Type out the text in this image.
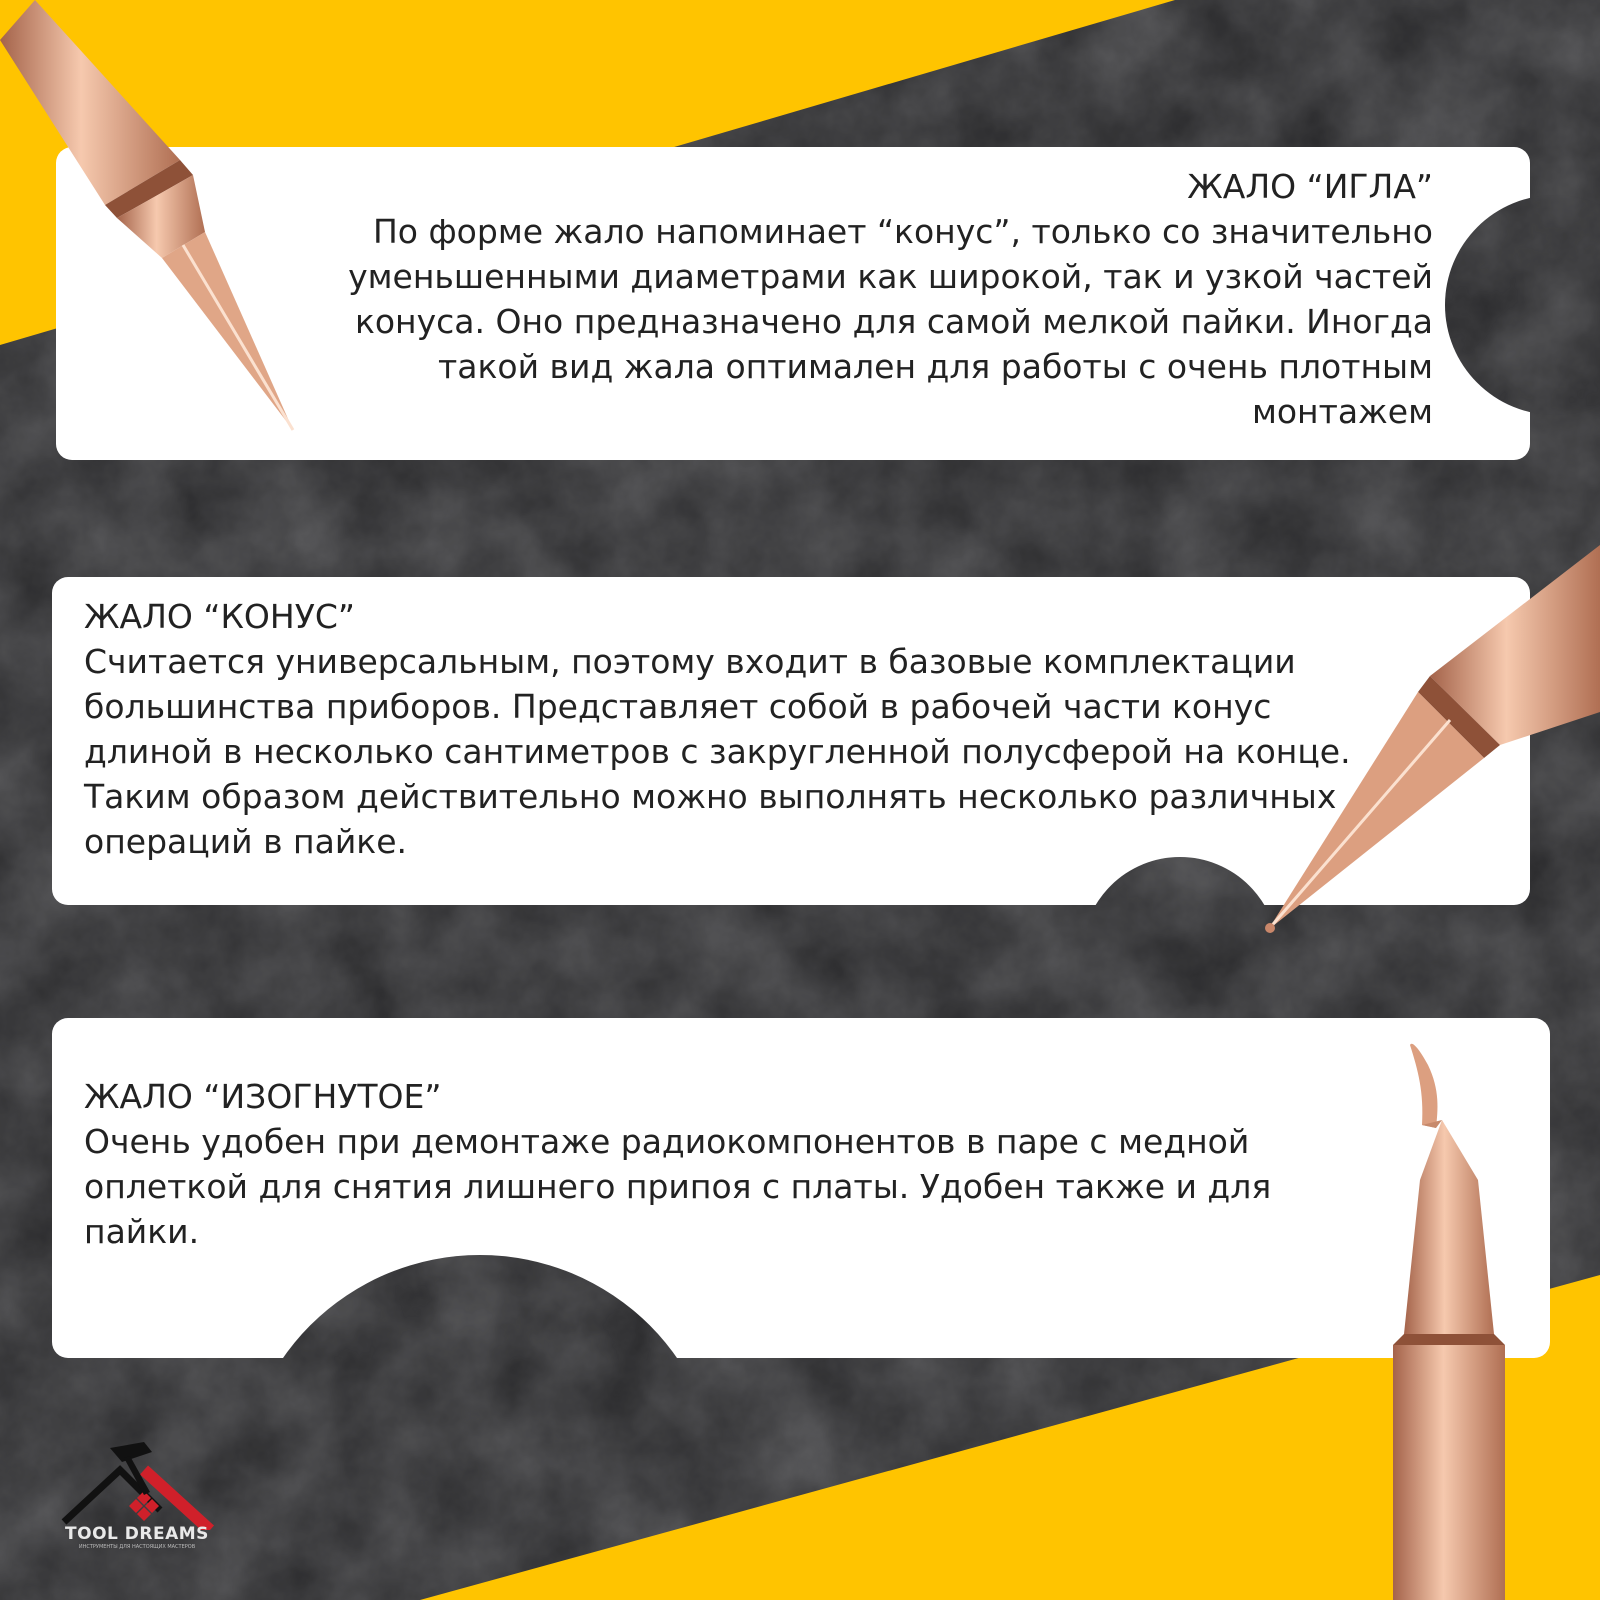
ЖАЛО “ИГЛА”
По форме жало напоминает “конус”, только со значительно уменьшенными диаметрами как широкой, так и узкой частей конуса. Оно предназначено для самой мелкой пайки. Иногда такой вид жала оптимален для работы с очень плотным монтажем
ЖАЛО “КОНУС”
Считается универсальным, поэтому входит в базовые комплектации большинства приборов. Представляет собой в рабочей части конус длиной в несколько сантиметров с закругленной полусферой на конце. Таким образом действительно можно выполнять несколько различных операций в пайке.
ЖАЛО “ИЗОГНУТОЕ”
Очень удобен при демонтаже радиокомпонентов в паре с медной оплеткой для снятия лишнего припоя с платы. Удобен также и для пайки.
TOOL DREAMS
ИНСТРУМЕНТЫ ДЛЯ НАСТОЯЩИХ МАСТЕРОВ
